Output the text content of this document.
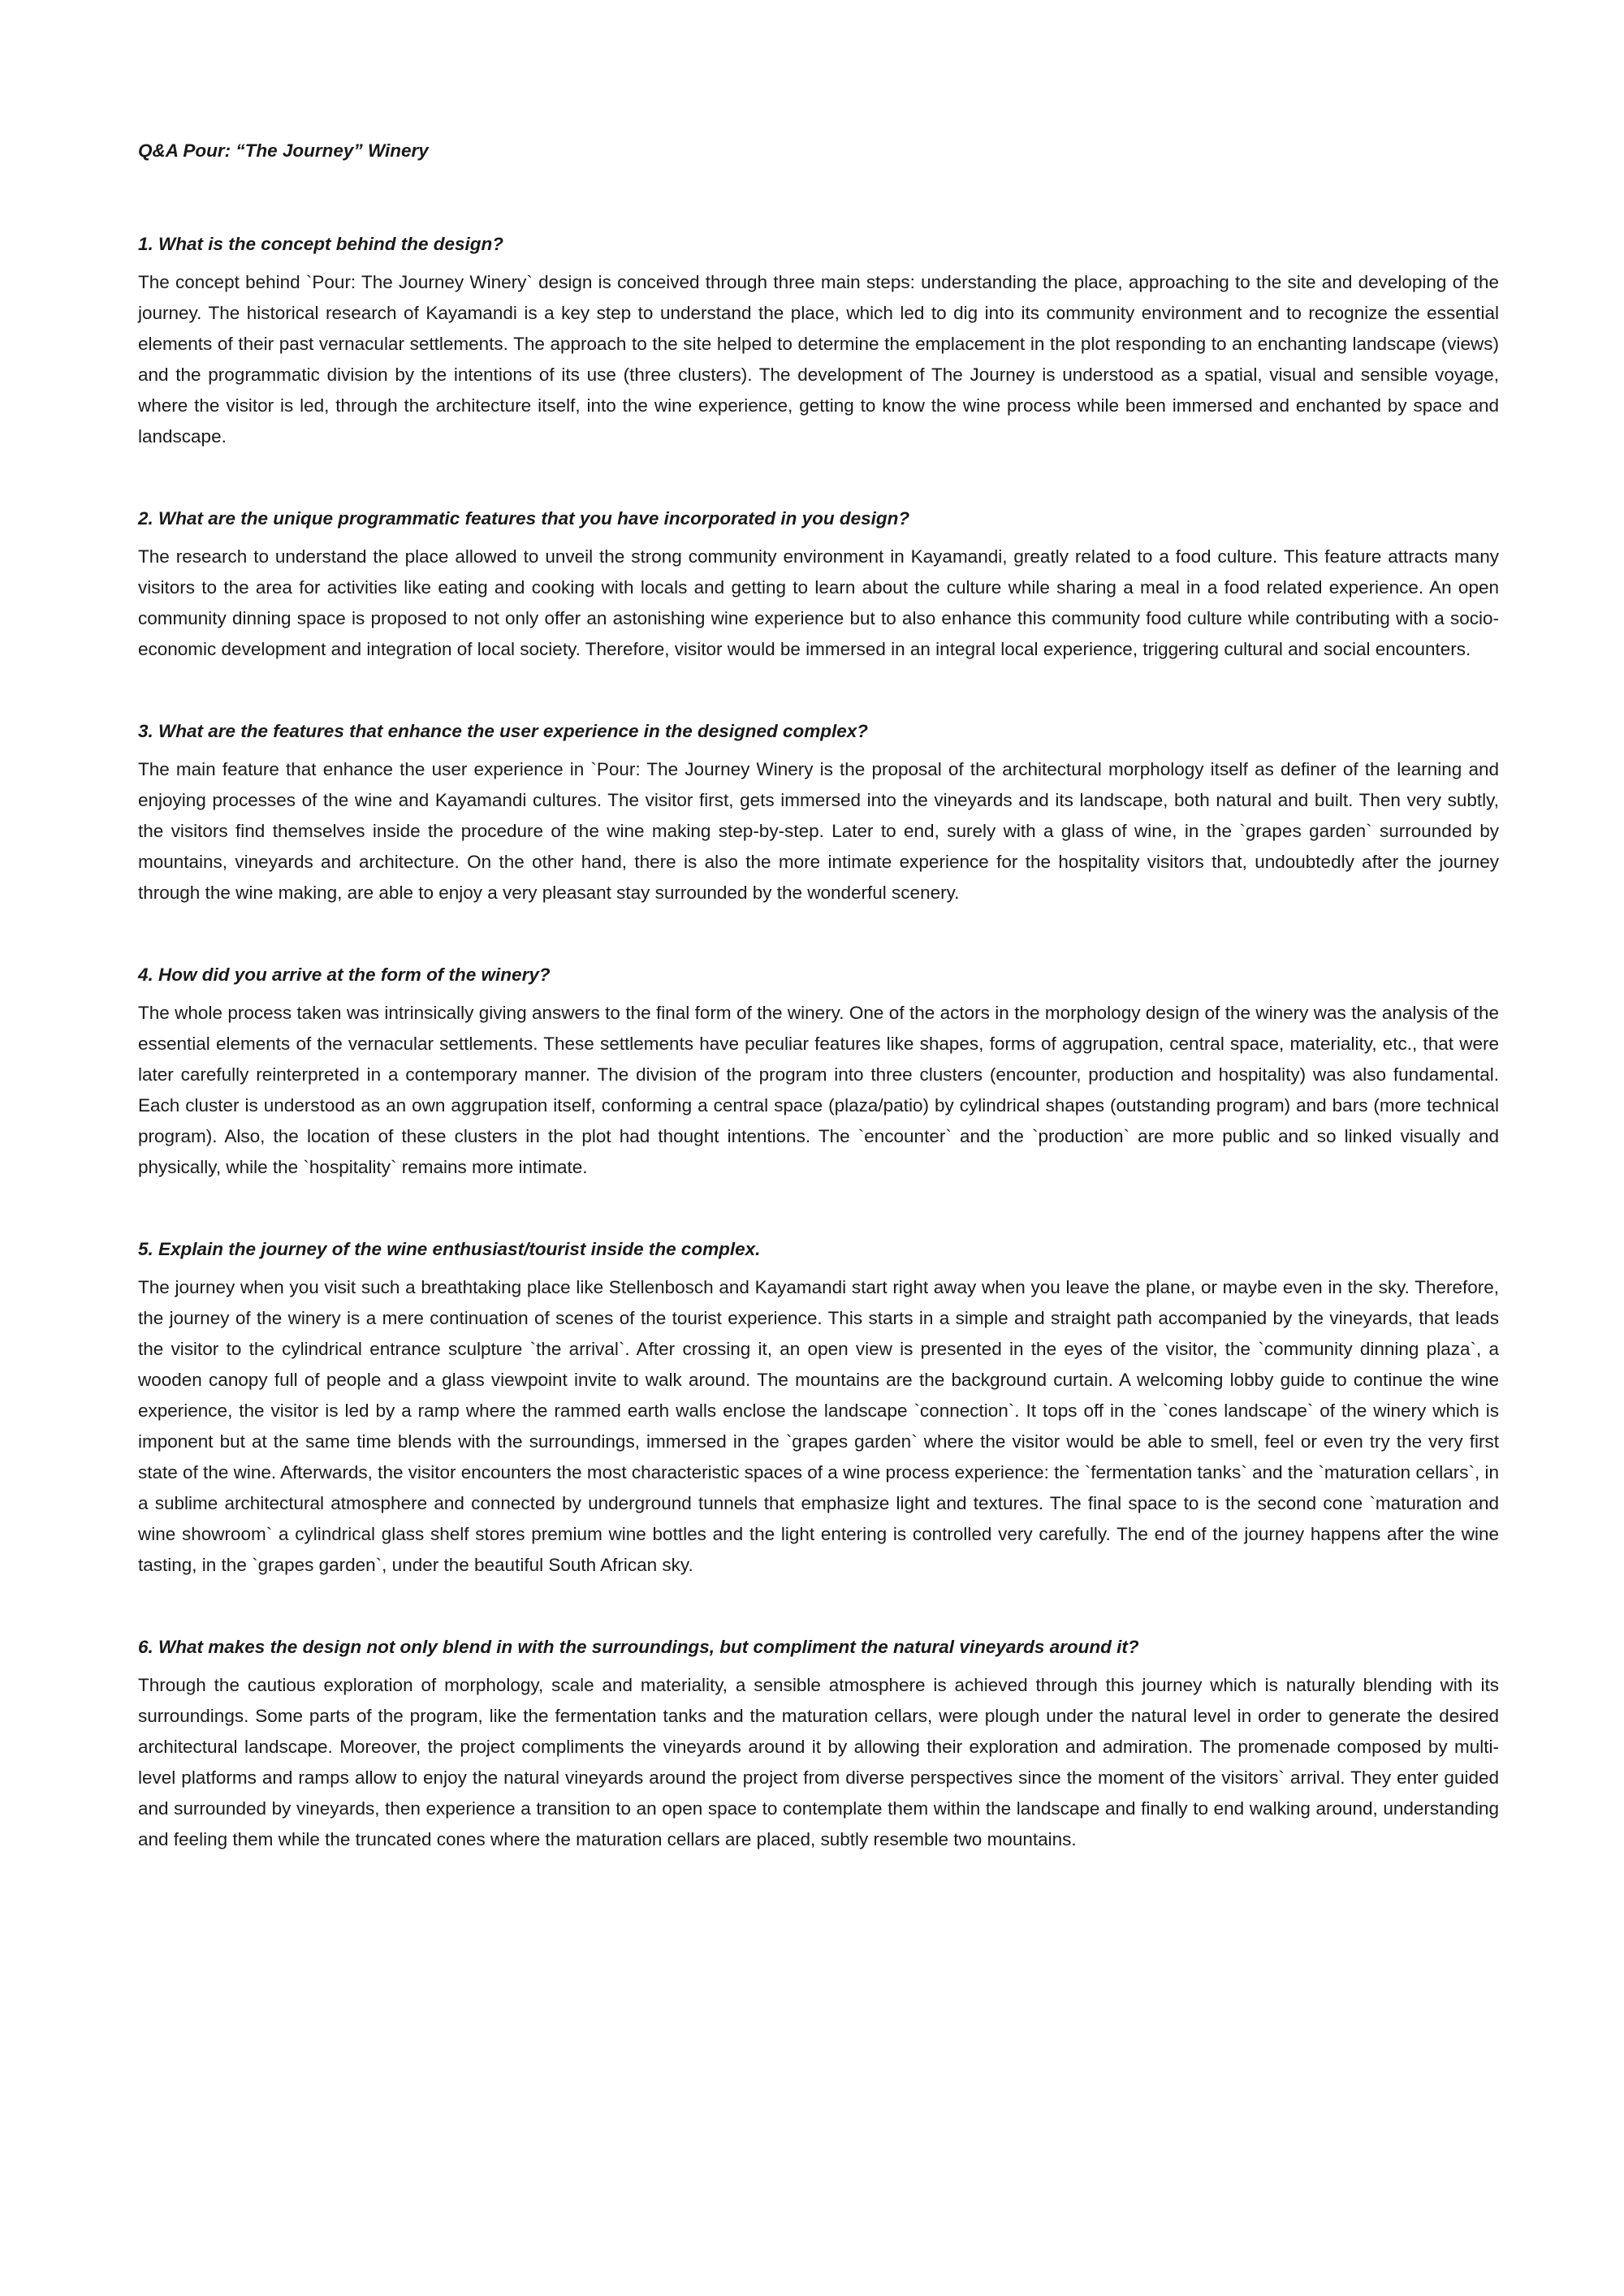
Q&A Pour: “The Journey” Winery
1. What is the concept behind the design?

The concept behind `Pour: The Journey Winery` design is conceived through three main steps: understanding the place, approaching to the site and developing of the journey. The historical research of Kayamandi is a key step to understand the place, which led to dig into its community environment and to recognize the essential elements of their past vernacular settlements. The approach to the site helped to determine the emplacement in the plot responding to an enchanting landscape (views) and the programmatic division by the intentions of its use (three clusters). The development of The Journey is understood as a spatial, visual and sensible voyage, where the visitor is led, through the architecture itself, into the wine experience, getting to know the wine process while been immersed and enchanted by space and landscape.

2. What are the unique programmatic features that you have incorporated in you design?

The research to understand the place allowed to unveil the strong community environment in Kayamandi, greatly related to a food culture. This feature attracts many visitors to the area for activities like eating and cooking with locals and getting to learn about the culture while sharing a meal in a food related experience. An open community dinning space is proposed to not only offer an astonishing wine experience but to also enhance this community food culture while contributing with a socio-economic development and integration of local society. Therefore, visitor would be immersed in an integral local experience, triggering cultural and social encounters.

3. What are the features that enhance the user experience in the designed complex?

The main feature that enhance the user experience in `Pour: The Journey Winery is the proposal of the architectural morphology itself as definer of the learning and enjoying processes of the wine and Kayamandi cultures. The visitor first, gets immersed into the vineyards and its landscape, both natural and built. Then very subtly, the visitors find themselves inside the procedure of the wine making step-by-step. Later to end, surely with a glass of wine, in the `grapes garden` surrounded by mountains, vineyards and architecture. On the other hand, there is also the more intimate experience for the hospitality visitors that, undoubtedly after the journey through the wine making, are able to enjoy a very pleasant stay surrounded by the wonderful scenery.

4. How did you arrive at the form of the winery?

The whole process taken was intrinsically giving answers to the final form of the winery. One of the actors in the morphology design of the winery was the analysis of the essential elements of the vernacular settlements. These settlements have peculiar features like shapes, forms of aggrupation, central space, materiality, etc., that were later carefully reinterpreted in a contemporary manner. The division of the program into three clusters (encounter, production and hospitality) was also fundamental. Each cluster is understood as an own aggrupation itself, conforming a central space (plaza/patio) by cylindrical shapes (outstanding program) and bars (more technical program). Also, the location of these clusters in the plot had thought intentions. The `encounter` and the `production` are more public and so linked visually and physically, while the `hospitality` remains more intimate.

5. Explain the journey of the wine enthusiast/tourist inside the complex.

The journey when you visit such a breathtaking place like Stellenbosch and Kayamandi start right away when you leave the plane, or maybe even in the sky. Therefore, the journey of the winery is a mere continuation of scenes of the tourist experience. This starts in a simple and straight path accompanied by the vineyards, that leads the visitor to the cylindrical entrance sculpture `the arrival`. After crossing it, an open view is presented in the eyes of the visitor, the `community dinning plaza`, a wooden canopy full of people and a glass viewpoint invite to walk around. The mountains are the background curtain. A welcoming lobby guide to continue the wine experience, the visitor is led by a ramp where the rammed earth walls enclose the landscape `connection`. It tops off in the `cones landscape` of the winery which is imponent but at the same time blends with the surroundings, immersed in the `grapes garden` where the visitor would be able to smell, feel or even try the very first state of the wine. Afterwards, the visitor encounters the most characteristic spaces of a wine process experience: the `fermentation tanks` and the `maturation cellars`, in a sublime architectural atmosphere and connected by underground tunnels that emphasize light and textures. The final space to is the second cone `maturation and wine showroom` a cylindrical glass shelf stores premium wine bottles and the light entering is controlled very carefully. The end of the journey happens after the wine tasting, in the `grapes garden`, under the beautiful South African sky.

6. What makes the design not only blend in with the surroundings, but compliment the natural vineyards around it?

Through the cautious exploration of morphology, scale and materiality, a sensible atmosphere is achieved through this journey which is naturally blending with its surroundings. Some parts of the program, like the fermentation tanks and the maturation cellars, were plough under the natural level in order to generate the desired architectural landscape. Moreover, the project compliments the vineyards around it by allowing their exploration and admiration. The promenade composed by multi-level platforms and ramps allow to enjoy the natural vineyards around the project from diverse perspectives since the moment of the visitors` arrival. They enter guided and surrounded by vineyards, then experience a transition to an open space to contemplate them within the landscape and finally to end walking around, understanding and feeling them while the truncated cones where the maturation cellars are placed, subtly resemble two mountains.
